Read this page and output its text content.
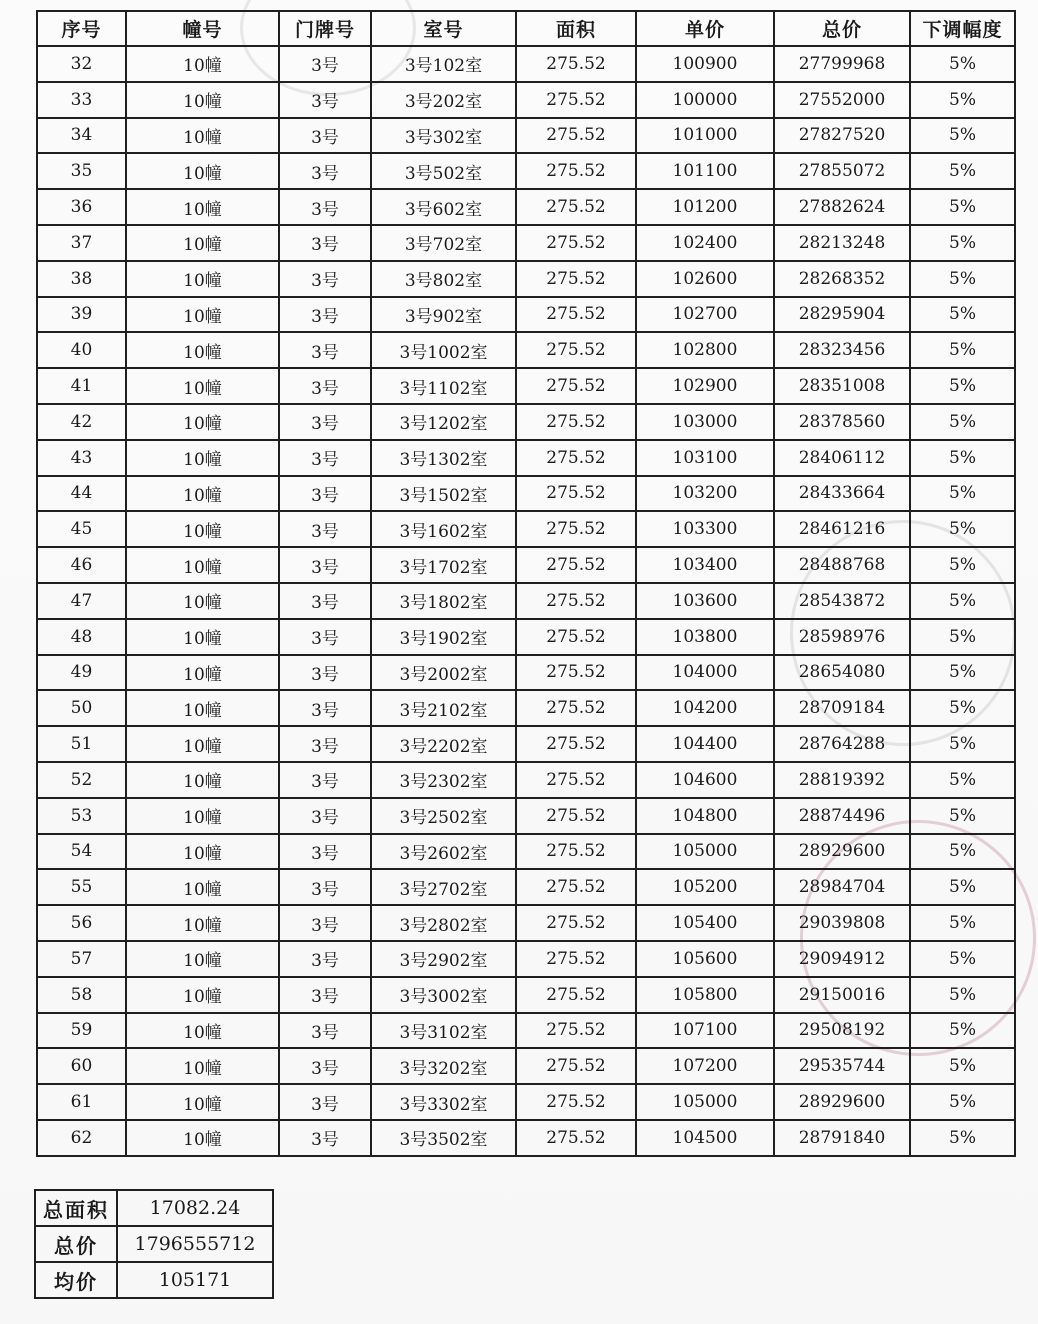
序号	幢号	门牌号	室号	面积	单价	总价	下调幅度
32	10幢	3号	3号102室	275.52	100900	27799968	5%
33	10幢	3号	3号202室	275.52	100000	27552000	5%
34	10幢	3号	3号302室	275.52	101000	27827520	5%
35	10幢	3号	3号502室	275.52	101100	27855072	5%
36	10幢	3号	3号602室	275.52	101200	27882624	5%
37	10幢	3号	3号702室	275.52	102400	28213248	5%
38	10幢	3号	3号802室	275.52	102600	28268352	5%
39	10幢	3号	3号902室	275.52	102700	28295904	5%
40	10幢	3号	3号1002室	275.52	102800	28323456	5%
41	10幢	3号	3号1102室	275.52	102900	28351008	5%
42	10幢	3号	3号1202室	275.52	103000	28378560	5%
43	10幢	3号	3号1302室	275.52	103100	28406112	5%
44	10幢	3号	3号1502室	275.52	103200	28433664	5%
45	10幢	3号	3号1602室	275.52	103300	28461216	5%
46	10幢	3号	3号1702室	275.52	103400	28488768	5%
47	10幢	3号	3号1802室	275.52	103600	28543872	5%
48	10幢	3号	3号1902室	275.52	103800	28598976	5%
49	10幢	3号	3号2002室	275.52	104000	28654080	5%
50	10幢	3号	3号2102室	275.52	104200	28709184	5%
51	10幢	3号	3号2202室	275.52	104400	28764288	5%
52	10幢	3号	3号2302室	275.52	104600	28819392	5%
53	10幢	3号	3号2502室	275.52	104800	28874496	5%
54	10幢	3号	3号2602室	275.52	105000	28929600	5%
55	10幢	3号	3号2702室	275.52	105200	28984704	5%
56	10幢	3号	3号2802室	275.52	105400	29039808	5%
57	10幢	3号	3号2902室	275.52	105600	29094912	5%
58	10幢	3号	3号3002室	275.52	105800	29150016	5%
59	10幢	3号	3号3102室	275.52	107100	29508192	5%
60	10幢	3号	3号3202室	275.52	107200	29535744	5%
61	10幢	3号	3号3302室	275.52	105000	28929600	5%
62	10幢	3号	3号3502室	275.52	104500	28791840	5%
总面积	17082.24
总价	1796555712
均价	105171
